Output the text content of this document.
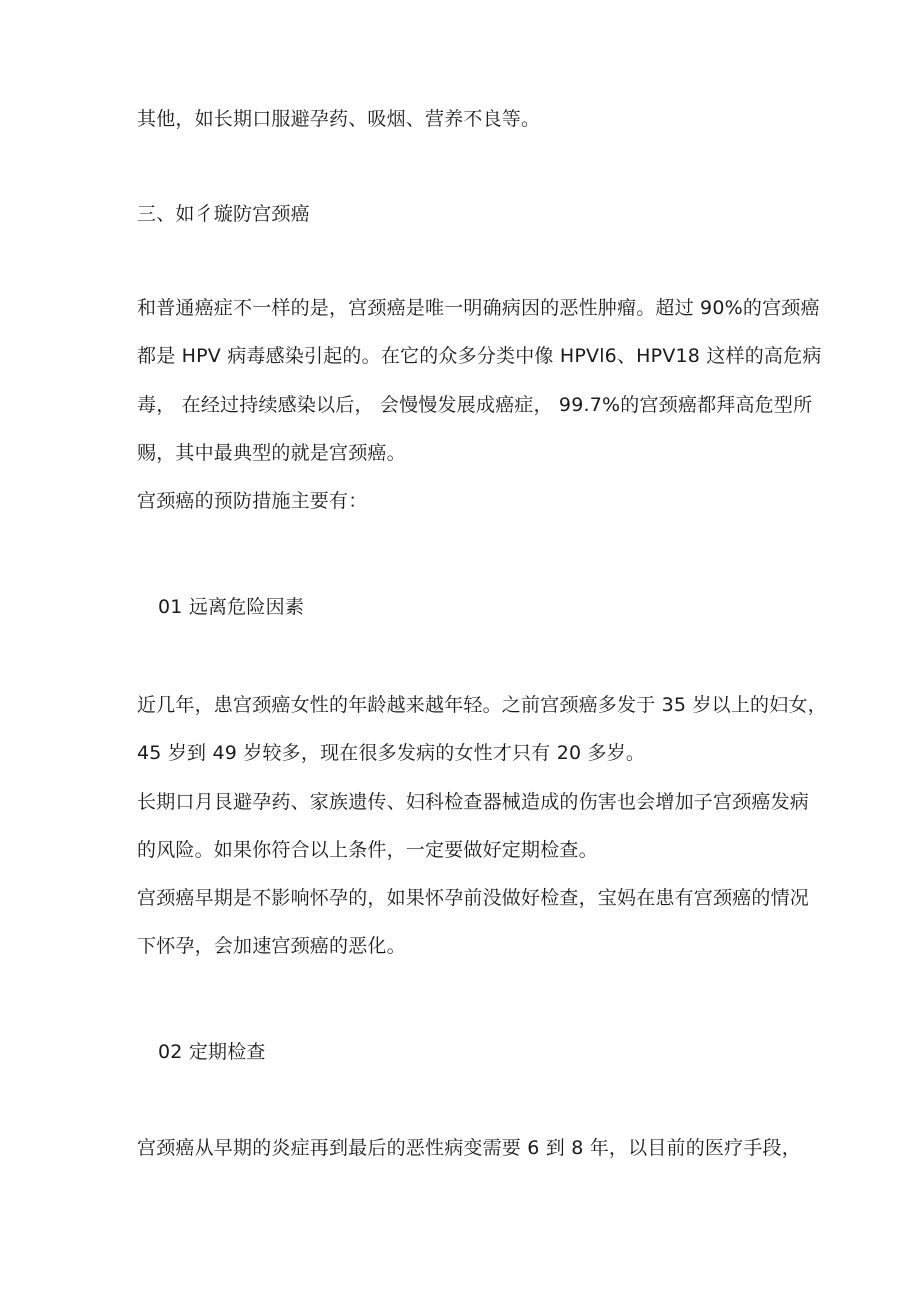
其他，如长期口服避孕药、吸烟、营养不良等。

三、如彳璇防宫颈癌

和普通癌症不一样的是，宫颈癌是唯一明确病因的恶性肿瘤。超过 90%的宫颈癌

都是 HPV 病毒感染引起的。在它的众多分类中像 HPVl6、HPV18 这样的高危病

毒， 在经过持续感染以后， 会慢慢发展成癌症， 99.7%的宫颈癌都拜高危型所

赐，其中最典型的就是宫颈癌。

宫颈癌的预防措施主要有：

01 远离危险因素

近几年，患宫颈癌女性的年龄越来越年轻。之前宫颈癌多发于 35 岁以上的妇女，

45 岁到 49 岁较多，现在很多发病的女性才只有 20 多岁。

长期口月艮避孕药、家族遗传、妇科检查器械造成的伤害也会增加子宫颈癌发病

的风险。如果你符合以上条件，一定要做好定期检查。

宫颈癌早期是不影响怀孕的，如果怀孕前没做好检查，宝妈在患有宫颈癌的情况

下怀孕，会加速宫颈癌的恶化。

02 定期检查

宫颈癌从早期的炎症再到最后的恶性病变需要 6 到 8 年，以目前的医疗手段，
